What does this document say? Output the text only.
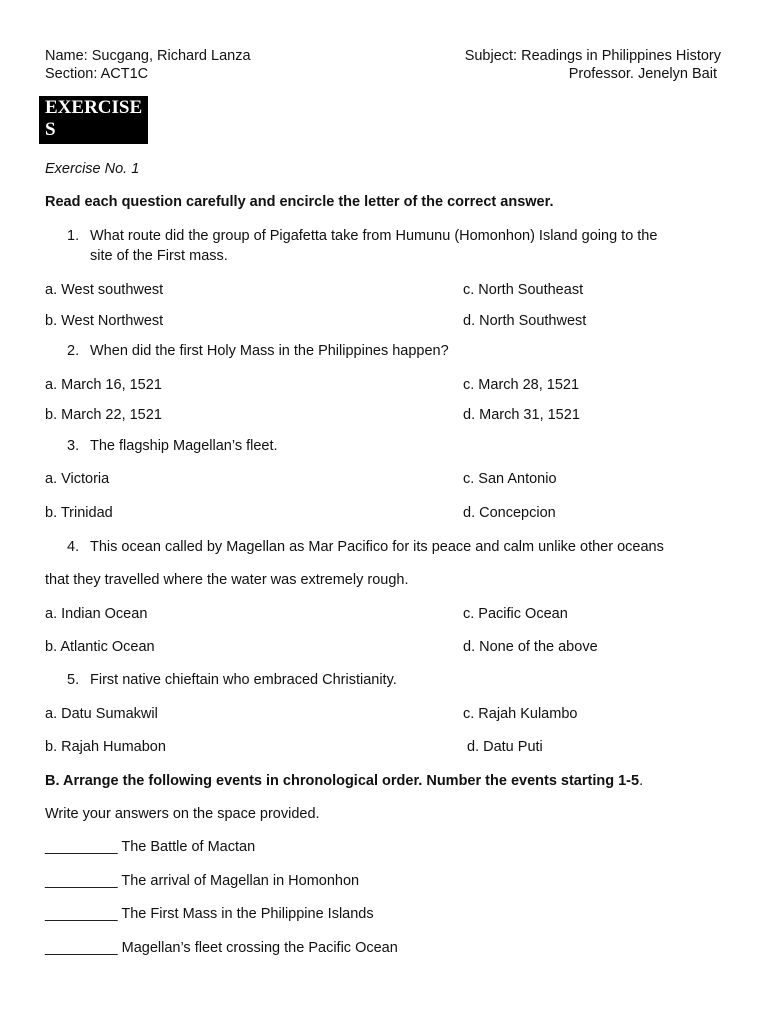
Name: Sucgang, Richard Lanza
Section: ACT1C
Subject: Readings in Philippines History
Professor. Jenelyn Bait
EXERCISES
Exercise No. 1
Read each question carefully and encircle the letter of the correct answer.
1. What route did the group of Pigafetta take from Humunu (Homonhon) Island going to the
site of the First mass.
a. West southwest	c. North Southeast
b. West Northwest	d. North Southwest
2. When did the first Holy Mass in the Philippines happen?
a. March 16, 1521	c. March 28, 1521
b. March 22, 1521	d. March 31, 1521
3. The flagship Magellan’s fleet.
a. Victoria	c. San Antonio
b. Trinidad	d. Concepcion
4. This ocean called by Magellan as Mar Pacifico for its peace and calm unlike other oceans
that they travelled where the water was extremely rough.
a. Indian Ocean	c. Pacific Ocean
b. Atlantic Ocean	d. None of the above
5. First native chieftain who embraced Christianity.
a. Datu Sumakwil	c. Rajah Kulambo
b. Rajah Humabon	d. Datu Puti
B. Arrange the following events in chronological order. Number the events starting 1-5.
Write your answers on the space provided.
_________ The Battle of Mactan
_________ The arrival of Magellan in Homonhon
_________ The First Mass in the Philippine Islands
_________ Magellan’s fleet crossing the Pacific Ocean
